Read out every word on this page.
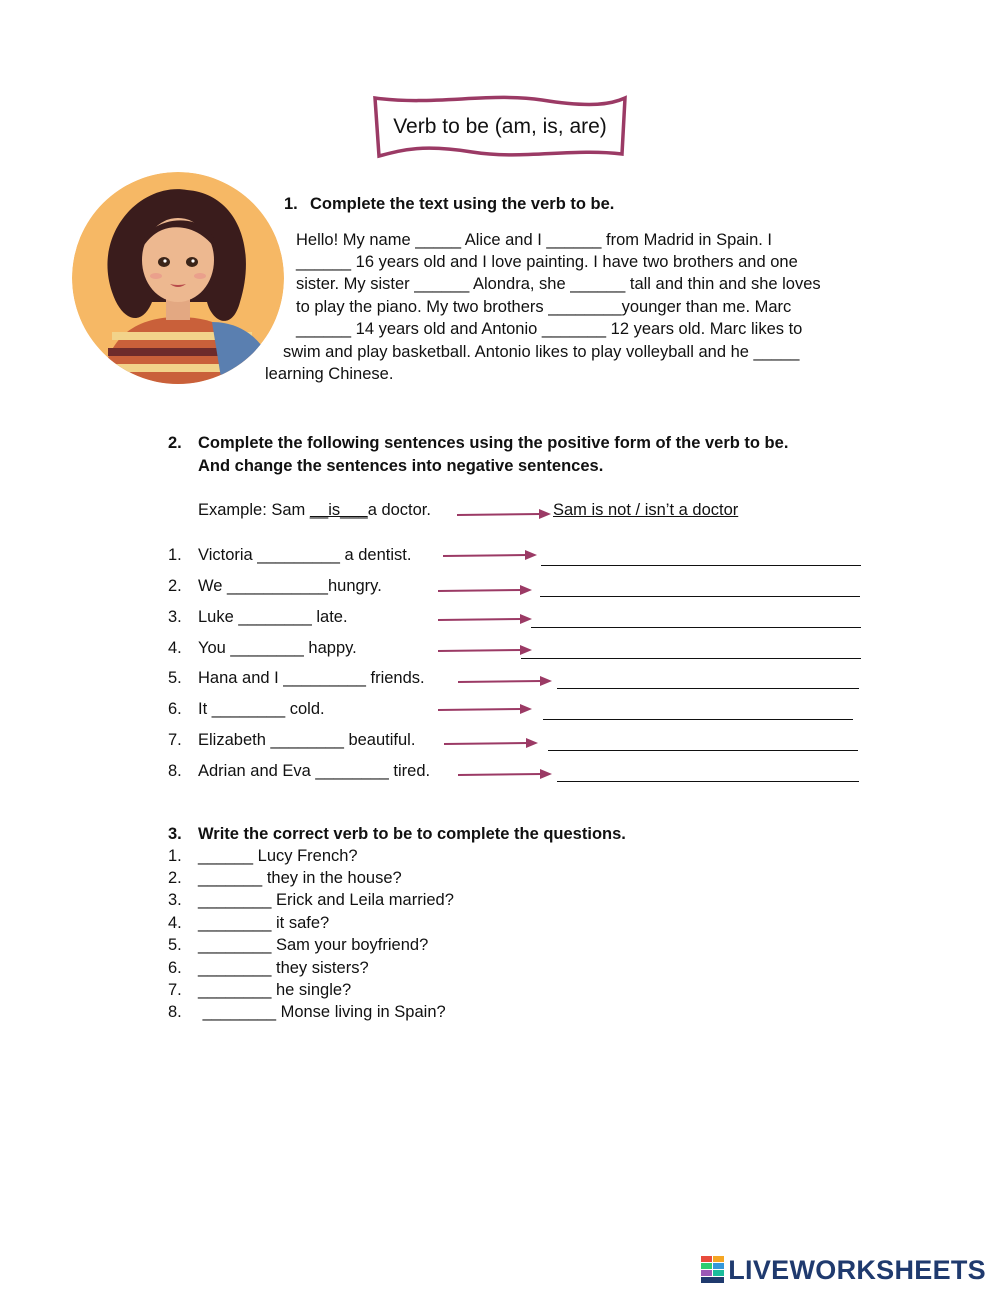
Verb to be (am, is, are)
1. Complete the text using the verb to be.
Hello! My name _____ Alice and I ______ from Madrid in Spain. I
______ 16 years old and I love painting. I have two brothers and one
sister. My sister ______ Alondra, she ______ tall and thin and she loves
to play the piano. My two brothers ________younger than me. Marc
______ 14 years old and Antonio _______ 12 years old. Marc likes to
swim and play basketball. Antonio likes to play volleyball and he _____
learning Chinese.
2. Complete the following sentences using the positive form of the verb to be.
And change the sentences into negative sentences.
Example: Sam __is___a doctor.	Sam is not / isn’t a doctor
1. Victoria _________ a dentist.
2. We ___________hungry.
3. Luke ________ late.
4. You ________ happy.
5. Hana and I _________ friends.
6. It ________ cold.
7. Elizabeth ________ beautiful.
8. Adrian and Eva ________ tired.
3. Write the correct verb to be to complete the questions.
1. ______ Lucy French?
2. _______ they in the house?
3. ________ Erick and Leila married?
4. ________ it safe?
5. ________ Sam your boyfriend?
6. ________ they sisters?
7. ________ he single?
8. ________ Monse living in Spain?
LIVEWORKSHEETS
